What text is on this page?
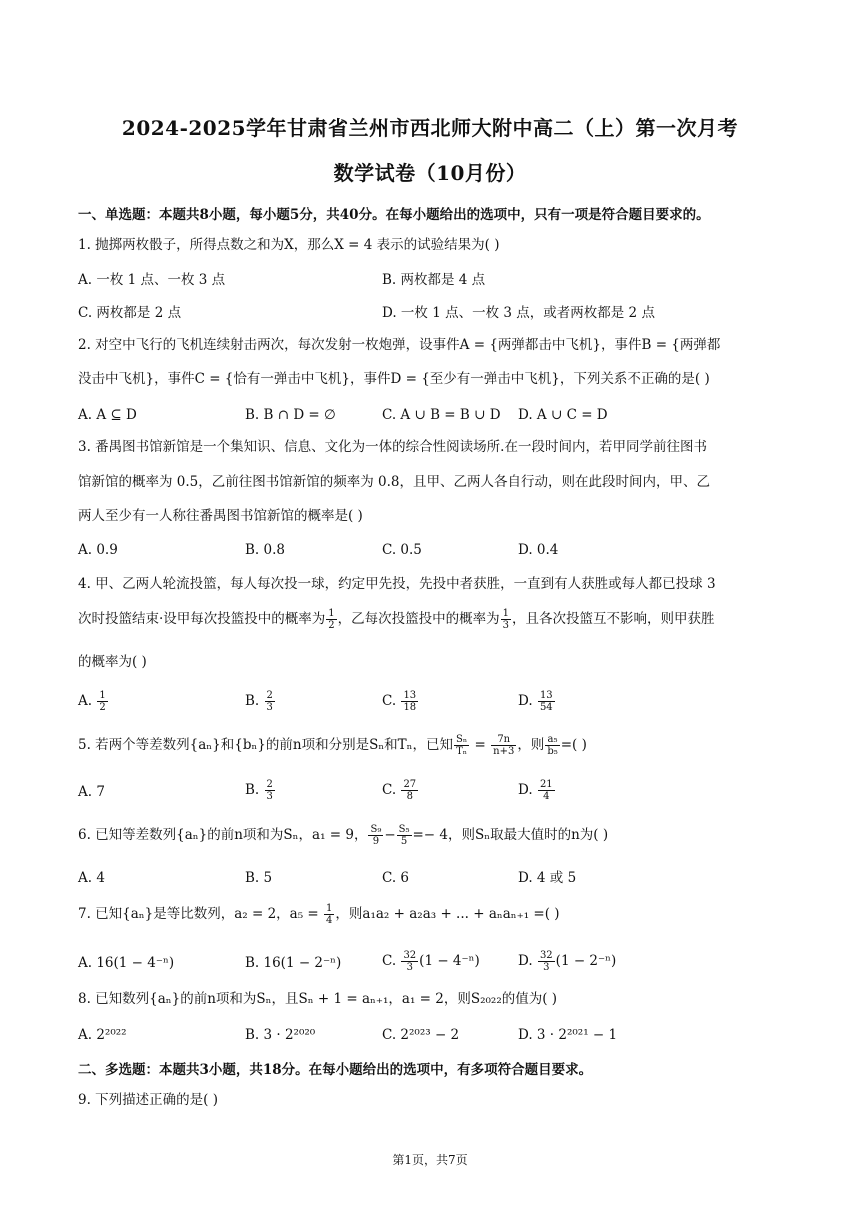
2024-2025学年甘肃省兰州市西北师大附中高二（上）第一次月考
数学试卷（10月份）
一、单选题：本题共8小题，每小题5分，共40分。在每小题给出的选项中，只有一项是符合题目要求的。
1. 抛掷两枚骰子，所得点数之和为X，那么X = 4 表示的试验结果为( )
A. 一枚 1 点、一枚 3 点	B. 两枚都是 4 点
C. 两枚都是 2 点	D. 一枚 1 点、一枚 3 点，或者两枚都是 2 点
2. 对空中飞行的飞机连续射击两次，每次发射一枚炮弹，设事件A = {两弹都击中飞机}，事件B = {两弹都
没击中飞机}，事件C = {恰有一弹击中飞机}，事件D = {至少有一弹击中飞机}，下列关系不正确的是( )
A. A ⊆ D	B. B ∩ D = ∅	C. A ∪ B = B ∪ D D. A ∪ C = D
3. 番禺图书馆新馆是一个集知识、信息、文化为一体的综合性阅读场所.在一段时间内，若甲同学前往图书
馆新馆的概率为 0.5，乙前往图书馆新馆的频率为 0.8，且甲、乙两人各自行动，则在此段时间内，甲、乙
两人至少有一人称往番禺图书馆新馆的概率是( )
A. 0.9	B. 0.8	C. 0.5	D. 0.4
4. 甲、乙两人轮流投篮，每人每次投一球，约定甲先投，先投中者获胜，一直到有人获胜或每人都已投球 3
次时投篮结束·设甲每次投篮投中的概率为 $\frac{1}{2}$ ，乙每次投篮投中的概率为 $\frac{1}{3}$ ，且各次投篮互不影响，则甲获胜
的概率为( )
A. $\frac{1}{2}$	B. $\frac{2}{3}$	C. $\frac{13}{18}$	D. $\frac{13}{54}$
5. 若两个等差数列{aₙ}和{bₙ}的前n项和分别是Sₙ和Tₙ，已知 $\frac{\text{Sₙ}}{\text{Tₙ}} = \frac{7n}{n+3}$ ，则 $\frac{\text{a₅}}{\text{b₅}}$ =( )
A. 7	B. $\frac{2}{3}$	C. $\frac{27}{8}$	D. $\frac{21}{4}$
6. 已知等差数列{aₙ}的前n项和为Sₙ，a₁ = 9， $\frac{\text{S₉}}{9} - \frac{\text{S₅}}{5} =- 4$，则Sₙ取最大值时的n为( )
A. 4	B. 5	C. 6	D. 4 或 5
7. 已知{aₙ}是等比数列，a₂ = 2，$a_5 = \frac{1}{4}$ ，则a₁a₂ + a₂a₃ + ... + aₙaₙ₊₁ =( )
A. 16(1 − 4⁻ⁿ)	B. 16(1 − 2⁻ⁿ)	C. $\frac{32}{3} (1 - 4^{-n})$	D. $\frac{32}{3} (1 - 2^{-n})$
8. 已知数列{aₙ}的前n项和为Sₙ，且Sₙ + 1 = aₙ₊₁，a₁ = 2，则S₂₀₂₂的值为( )
A. 2²⁰²²	B. 3 · 2²⁰²⁰	C. 2²⁰²³ − 2	D. 3 · 2²⁰²¹ − 1
二、多选题：本题共3小题，共18分。在每小题给出的选项中，有多项符合题目要求。
9. 下列描述正确的是( )
第1页，共7页
